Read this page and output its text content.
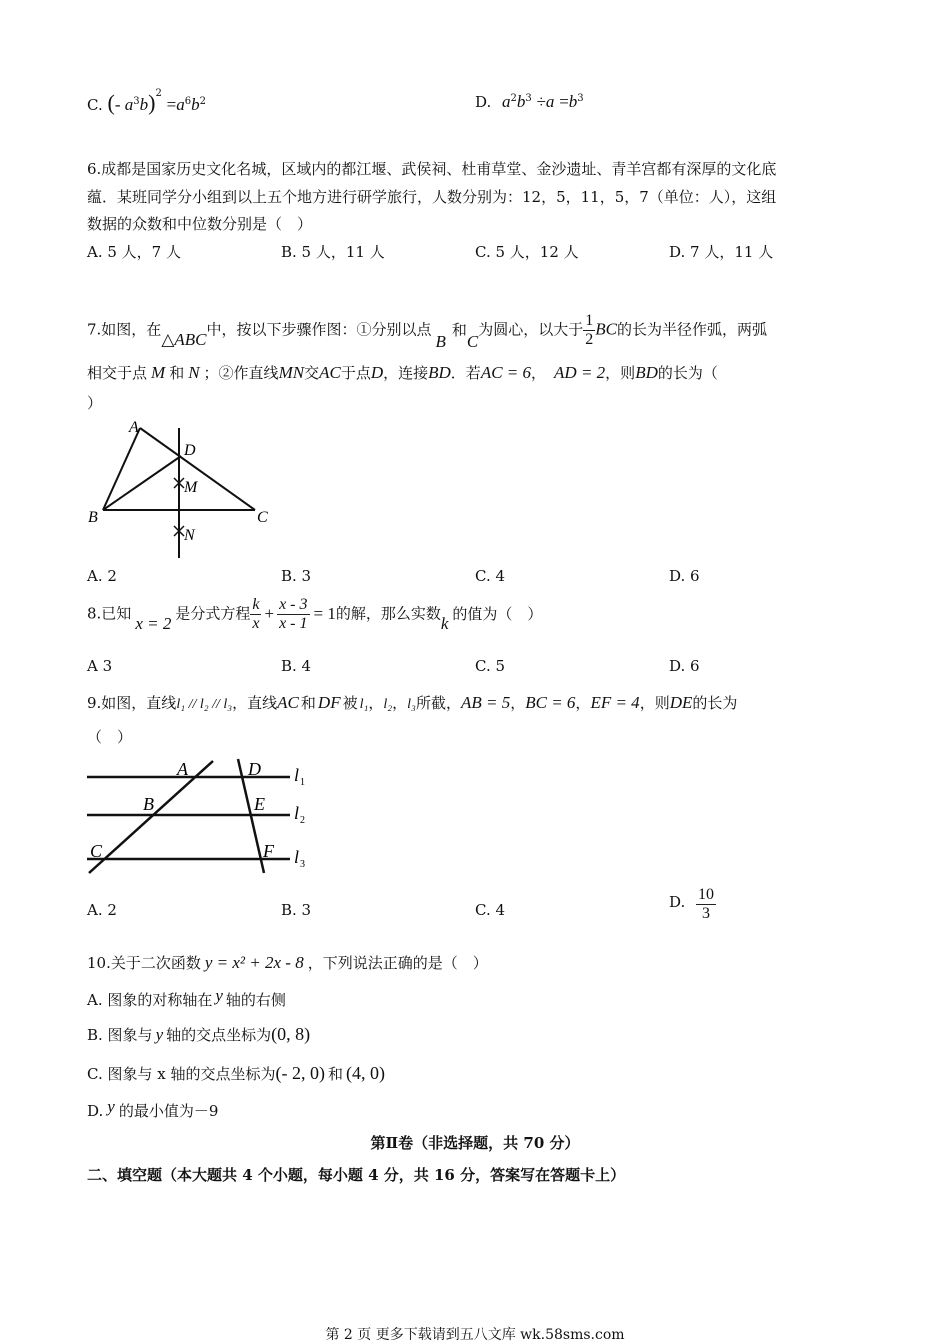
C. (- $a^3b)^2 =a^6b^2$	D. $a^2b^3 \div a =b^3$
6.成都是国家历史文化名城，区域内的都江堰、武侯祠、杜甫草堂、金沙遗址、青羊宫都有深厚的文化底
蕴．某班同学分小组到以上五个地方进行研学旅行，人数分别为：12，5，11，5，7（单位：人），这组
数据的众数和中位数分别是（　）
A. 5 人，7 人	B. 5 人，11 人	C. 5 人，12 人	D. 7 人，11 人
7.如图，在△ABC中，按以下步骤作图：①分别以点B和C为圆心，以大于 $\frac{1}{2}$ BC的长为半径作弧，两弧
相交于点 M 和 N ；②作直线MN交AC于点D，连接BD．若AC = 6， AD = 2，则BD的长为（
）
A
D
M
B	C
N
A. 2	B. 3	C. 4	D. 6
8.已知 x = 2 是分式方程 $\frac{k}{x} + \frac{x - 3}{x - 1} = 1$的解，那么实数k 的值为（　）
A 3	B. 4	C. 5	D. 6
9.如图，直线l₁ // l₂ // l₃，直线AC 和 DF 被 l₁，l₂，l₃所截，AB = 5，BC = 6，EF = 4，则DE的长为
（　）
A	D
B	E
C	F
l 1
l 2
l 3
A. 2	B. 3	C. 4	D. $\frac{10}{3}$
10.关于二次函数 y = x² + 2x - 8 ，下列说法正确的是（　）
A. 图象的对称轴在 y 轴的右侧
B. 图象与 y 轴的交点坐标为(0, 8)
C. 图象与 x 轴的交点坐标为(- 2, 0) 和 (4, 0)
D. y 的最小值为－9
第Ⅱ卷（非选择题，共 70 分）
二、填空题（本大题共 4 个小题，每小题 4 分，共 16 分，答案写在答题卡上）
第 2 页 更多下载请到五八文库 wk.58sms.com
